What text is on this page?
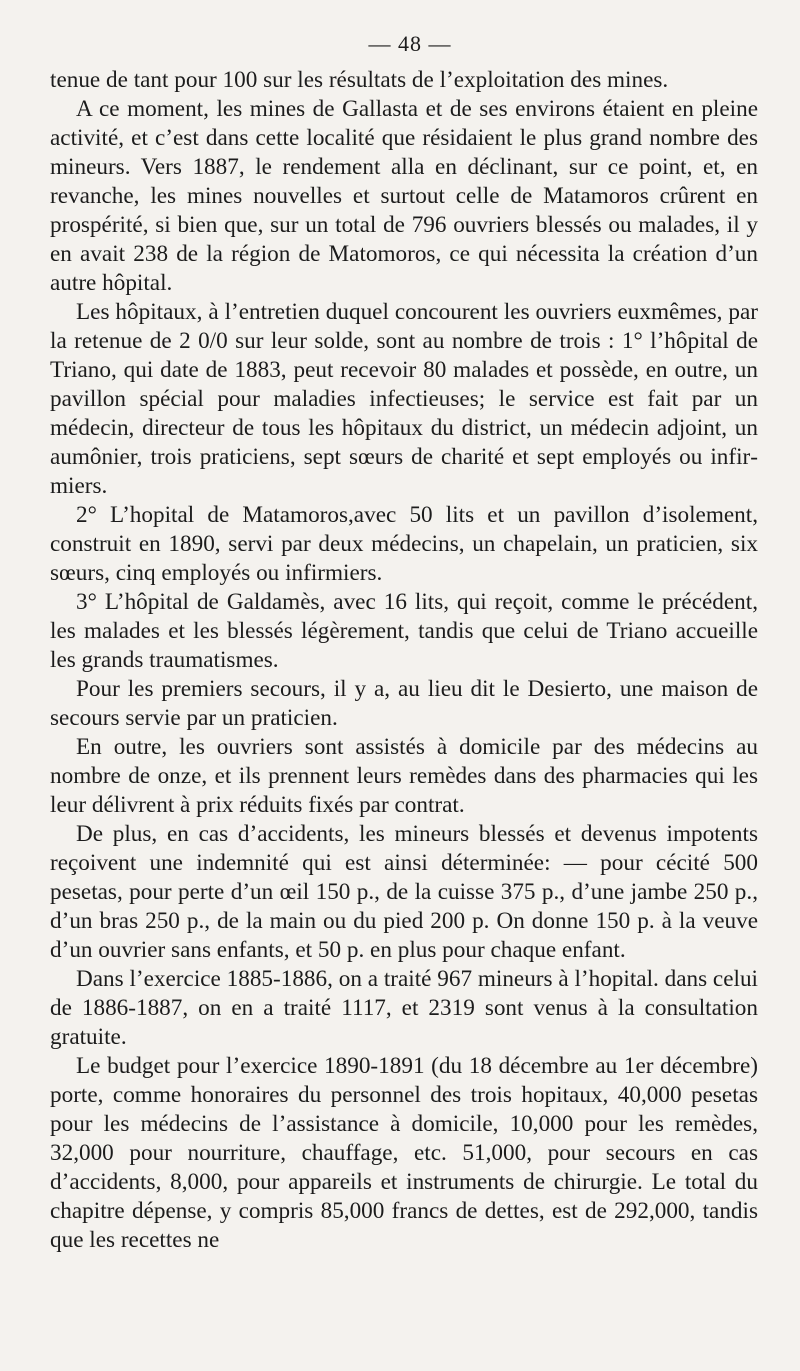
— 48 —

tenue de tant pour 100 sur les résultats de l’exploitation des mines.

A ce moment, les mines de Gallasta et de ses environs étaient en pleine activité, et c’est dans cette localité que résidaient le plus grand nombre des mineurs. Vers 1887, le rendement alla en déclinant, sur ce point, et, en revanche, les mines nouvelles et surtout celle de Matamoros crûrent en prospérité, si bien que, sur un total de 796 ouvriers blessés ou malades, il y en avait 238 de la région de Matomoros, ce qui nécessita la création d’un autre hôpital.

Les hôpitaux, à l’entretien duquel concourent les ouvriers euxmêmes, par la retenue de 2 0/0 sur leur solde, sont au nombre de trois : 1° l’hôpital de Triano, qui date de 1883, peut recevoir 80 malades et possède, en outre, un pavillon spécial pour maladies infectieuses; le service est fait par un médecin, directeur de tous les hôpitaux du district, un médecin adjoint, un aumônier, trois praticiens, sept sœurs de charité et sept employés ou infirmiers.

2° L’hopital de Matamoros,avec 50 lits et un pavillon d’isolement, construit en 1890, servi par deux médecins, un chapelain, un praticien, six sœurs, cinq employés ou infirmiers.

3° L’hôpital de Galdamès, avec 16 lits, qui reçoit, comme le précédent, les malades et les blessés légèrement, tandis que celui de Triano accueille les grands traumatismes.

Pour les premiers secours, il y a, au lieu dit le Desierto, une maison de secours servie par un praticien.

En outre, les ouvriers sont assistés à domicile par des médecins au nombre de onze, et ils prennent leurs remèdes dans des pharmacies qui les leur délivrent à prix réduits fixés par contrat.

De plus, en cas d’accidents, les mineurs blessés et devenus impotents reçoivent une indemnité qui est ainsi déterminée: — pour cécité 500 pesetas, pour perte d’un œil 150 p., de la cuisse 375 p., d’une jambe 250 p., d’un bras 250 p., de la main ou du pied 200 p. On donne 150 p. à la veuve d’un ouvrier sans enfants, et 50 p. en plus pour chaque enfant.

Dans l’exercice 1885-1886, on a traité 967 mineurs à l’hopital. dans celui de 1886-1887, on en a traité 1117, et 2319 sont venus à la consultation gratuite.

Le budget pour l’exercice 1890-1891 (du 18 décembre au 1er décembre) porte, comme honoraires du personnel des trois hopitaux, 40,000 pesetas pour les médecins de l’assistance à domicile, 10,000 pour les remèdes, 32,000 pour nourriture, chauffage, etc. 51,000, pour secours en cas d’accidents, 8,000, pour appareils et instruments de chirurgie. Le total du chapitre dépense, y compris 85,000 francs de dettes, est de 292,000, tandis que les recettes ne
